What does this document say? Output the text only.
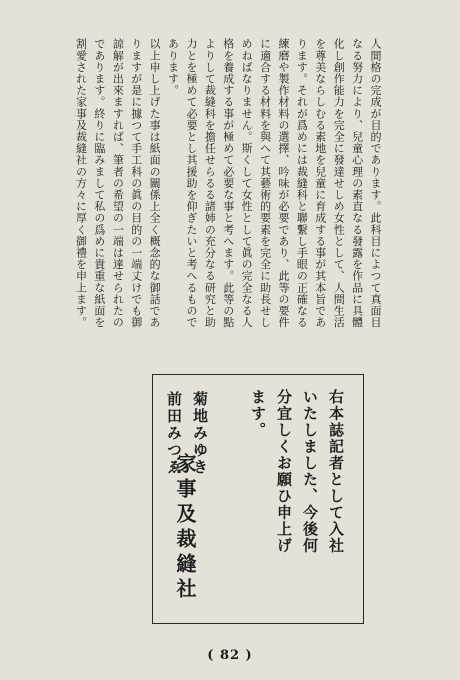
人間格の完成が目的であります。此科目によつて真面目なる努力により、兒童心理の素直なる發露を作品に具體化し創作能力を完全に發達せしめ女性として、人間生活を尊美ならしむる素地を兒童に育成する事が其本旨であります。それが爲めには裁縫科と聯繫し手眼の正確なる練磨や製作材料の選擇、吟味が必要であり、此等の要件に適合する材料を與へて其藝術的要素を完全に助長せしめねばなりません。斯くして女性として眞の完全なる人格を養成する事が極めて必要な事と考へます。此等の點よりして裁縫科を擔任せらるる諸姉の充分なる研究と助力とを極めて必要とし其援助を仰ぎたいと考へるものであります。

以上申し上げた事は紙面の關係上全く概念的な御話でありますが是に據つて手工科の眞の目的の一端丈けでも御諒解が出來ますれば、筆者の希望の一端は達せられたのであります。終りに臨みまして私の爲めに貴重な紙面を割愛された家事及裁縫社の方々に厚く御禮を申上ます。

右本誌記者として入社いたしました、今後何分宜しくお願ひ申上げます。
菊地みゆき
前田みつゑ
家事及裁縫社
( 82 )
